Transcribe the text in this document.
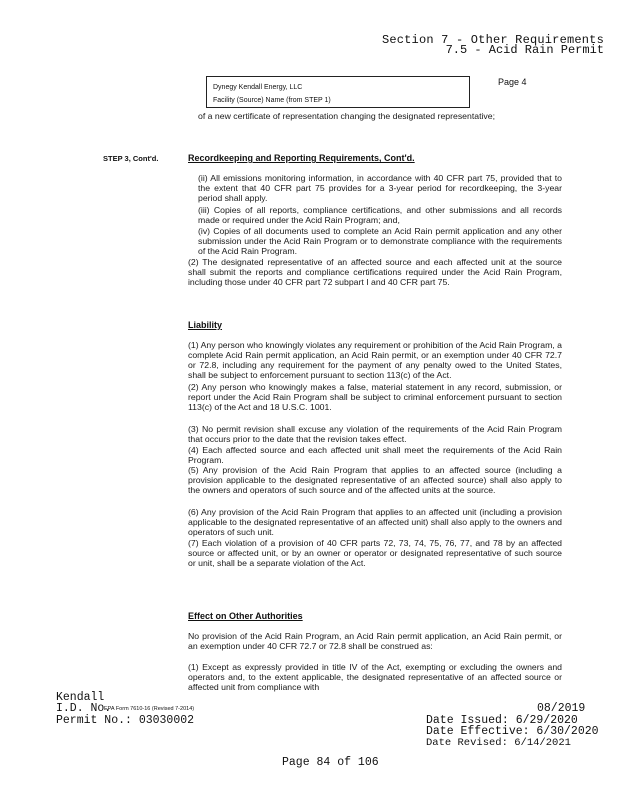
Section 7 - Other Requirements
7.5 - Acid Rain Permit
Dynegy Kendall Energy, LLC
Facility (Source) Name (from STEP 1)
Page 4
of a new certificate of representation changing the designated representative;
STEP 3, Cont'd.	Recordkeeping and Reporting Requirements, Cont'd.
(ii) All emissions monitoring information, in accordance with 40 CFR part 75, provided that to the extent that 40 CFR part 75 provides for a 3-year period for recordkeeping, the 3-year period shall apply.
(iii) Copies of all reports, compliance certifications, and other submissions and all records made or required under the Acid Rain Program; and,
(iv) Copies of all documents used to complete an Acid Rain permit application and any other submission under the Acid Rain Program or to demonstrate compliance with the requirements of the Acid Rain Program.
(2) The designated representative of an affected source and each affected unit at the source shall submit the reports and compliance certifications required under the Acid Rain Program, including those under 40 CFR part 72 subpart I and 40 CFR part 75.
Liability
(1) Any person who knowingly violates any requirement or prohibition of the Acid Rain Program, a complete Acid Rain permit application, an Acid Rain permit, or an exemption under 40 CFR 72.7 or 72.8, including any requirement for the payment of any penalty owed to the United States, shall be subject to enforcement pursuant to section 113(c) of the Act.
(2) Any person who knowingly makes a false, material statement in any record, submission, or report under the Acid Rain Program shall be subject to criminal enforcement pursuant to section 113(c) of the Act and 18 U.S.C. 1001.
(3) No permit revision shall excuse any violation of the requirements of the Acid Rain Program that occurs prior to the date that the revision takes effect.
(4) Each affected source and each affected unit shall meet the requirements of the Acid Rain Program.
(5) Any provision of the Acid Rain Program that applies to an affected source (including a provision applicable to the designated representative of an affected source) shall also apply to the owners and operators of such source and of the affected units at the source.
(6) Any provision of the Acid Rain Program that applies to an affected unit (including a provision applicable to the designated representative of an affected unit) shall also apply to the owners and operators of such unit.
(7) Each violation of a provision of 40 CFR parts 72, 73, 74, 75, 76, 77, and 78 by an affected source or affected unit, or by an owner or operator or designated representative of such source or unit, shall be a separate violation of the Act.
Effect on Other Authorities
No provision of the Acid Rain Program, an Acid Rain permit application, an Acid Rain permit, or an exemption under 40 CFR 72.7 or 72.8 shall be construed as:
(1) Except as expressly provided in title IV of the Act, exempting or excluding the owners and operators and, to the extent applicable, the designated representative of an affected source or affected unit from compliance with
Kendall
I.D. No.
EPA Form 7610-16 (Revised 7-2014)
Permit No.: 03030002
08/2019
Date Issued: 6/29/2020
Date Effective: 6/30/2020
Date Revised: 6/14/2021
Page 84 of 106
